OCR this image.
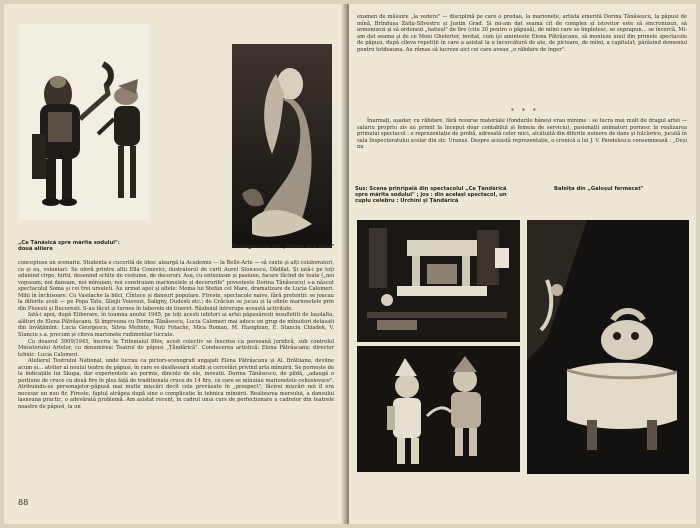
„Ce Tănăsică spre mărita sodului": două aliiere	Protagonista din „Sirena era mică"

conceptuse un scenariu. Studenta e cucerită de idee: aleargă la Academie — la Belle-Arte — să caute și alți colaboratori, ca și ea, voluntari. Se oferă printre altii Ella Conovici, ilustratorul de carti Aurel Stoicescu, Dădilat. Și iată-i pe toți adunind cirpe, hirtii, desenind schite de costume, de decoruri. Asa, cu entuziasm și pasiune, facare făcind de toate („noi vopseam, noi dansam, noi mînuiam, noi construiam marionetele și decorurile" povesteste Dorina Tănăsescu) s-a născut spectacolul Soma și cei trei ursuleti. Au urmat apoi și altele: Moma lui Stefan cel Mare, dramatizare de Lucia Calomeri. Mihi în închisoare. Cu Vasilache la bilci, Cîntece și dansuri populare. Fireste, spectacole naive, fără pretentii: se joacau la diferite școli — pe Popa Tatu, Slinjii Voievozi, Saligny, Dudesti etc.; de Crăciun se jucau și la sfinte marionetele prin din Ploiesti și Bucuresti. S-au făcut și turnee în taberele de tineret. Războiul întrerupe această activitate.

Iată-i apoi, după Eliberare, în toamna anului 1945, pe toți acesti iubitori ai artei păpusăresti însufletiti de lașolalta, alături de Elena Pătrășcanu. Și împreuna cu Dorina Tănăsescu, Lucia Calomeri mai aduce un grup de mînuitori detasati din învățămînt: Lucia Georgescu, Silvia Melinte, Nuți Fotache, Mica Roman, M. Hasighian, E. Stanciu Chiadek, V. Stanciu s.a. precum și citeva marionete rudimentar lucrate.

Cu doasrul 3909/1945, înscris la Tribunalul Ilfov, acest colectiv se înscrise ca persoană juridică, sub controlul Ministerului Artelor, cu denumirea: Teatrul de păpusi „Țăndărică". Conducerea artistică: Elena Pătrășcanu; director tehnic: Lucia Calomeri.

Atelierul Teatrului National, unde lucrau ca pictori-scenografi angajati Elena Pătrășcanu și Al. Brătiianu, deviine acum și… atelier al noului teatru de păpusi, în care se desfăsoară studii și cercetări privind arta mînuirii. Se pornește de la indicațiile lui Skupa, dar experientele au permis, dincolo de ele, inovatii. Dorina Tănăsescu, de pildă, „adaugă o porțiune de cruce cu două fire în plus față de traditionala cruce de 14 fire, ce care se mînuiau marionetele cehoslovace". Atribuindu-se personajelor-păpusă mai multe mișcări decît cele prevăzute în „prospect", făcîrei mișcări noi îl era necesar un nou fir. Fireste, faptul atrăgea după sine o complicatie în tehnica mînuirii. Realizarea mersului, a dansului lasnsuna practic, o adevărată problemă. Am asistat recent, în cadrul unui curs de perfecționare a cadrelor din teatrele noastre de păpusi, la un

88

examen de măsuire „la vedere" — disciplină pe care o predau, la marionete, artista emerită Dorina Tănăsescu, la păpusi de mînă, Brîndușa Zaița-Silvestru și Justin Grad. Și mi-am dat seama cit de complex și istovitor este să sincronizezi, să armonizezi și să ordonezi „hatisul" de fire (cite 30 pentru o păpusă), de mîini care se împletesc, se suprapun... se încercă. Mi-am dat seama și de ce Moni Ghelerter, invitat, cum își aminteste Elena Pătrășcanu, să monteze unul din primele spectacole de păpusi, după cîleva repetiții în care a asistat la o încurcătură de ate, de picioare, de mîini, a capitulat, părăsind domeniul pentru totdeauna. Au rămas să lucreze aici cei care aveau „o răbdare de înger".

* * *

Înarmați, așadar, cu răbdare, fără resurse materiale (fondurile băneși erau minime : se lucra mai mult de dragul artei — salariu propriu zis au primit la început doar contabilul și femeia de serviciu), pasionații animatori pornesc la realizarea primului spectacol : o reprezentație de probă, adresată celor mici, alcătuită din diferite numere de dans și folclorice, jucată în sala Inspectoratului școlar din str. Uranus. Despre această reprezentație, o cronică a lui J. V. Pandelescu consemnează : „Deși nu

Sus: Scena prinripală din spectacolul „Ce Țăndărică spre mărita sodului" ; jos : din același spectacol, un cuplu celebru : Urchini și Țăndărică
Balnița din „Galoșul fermecat"
